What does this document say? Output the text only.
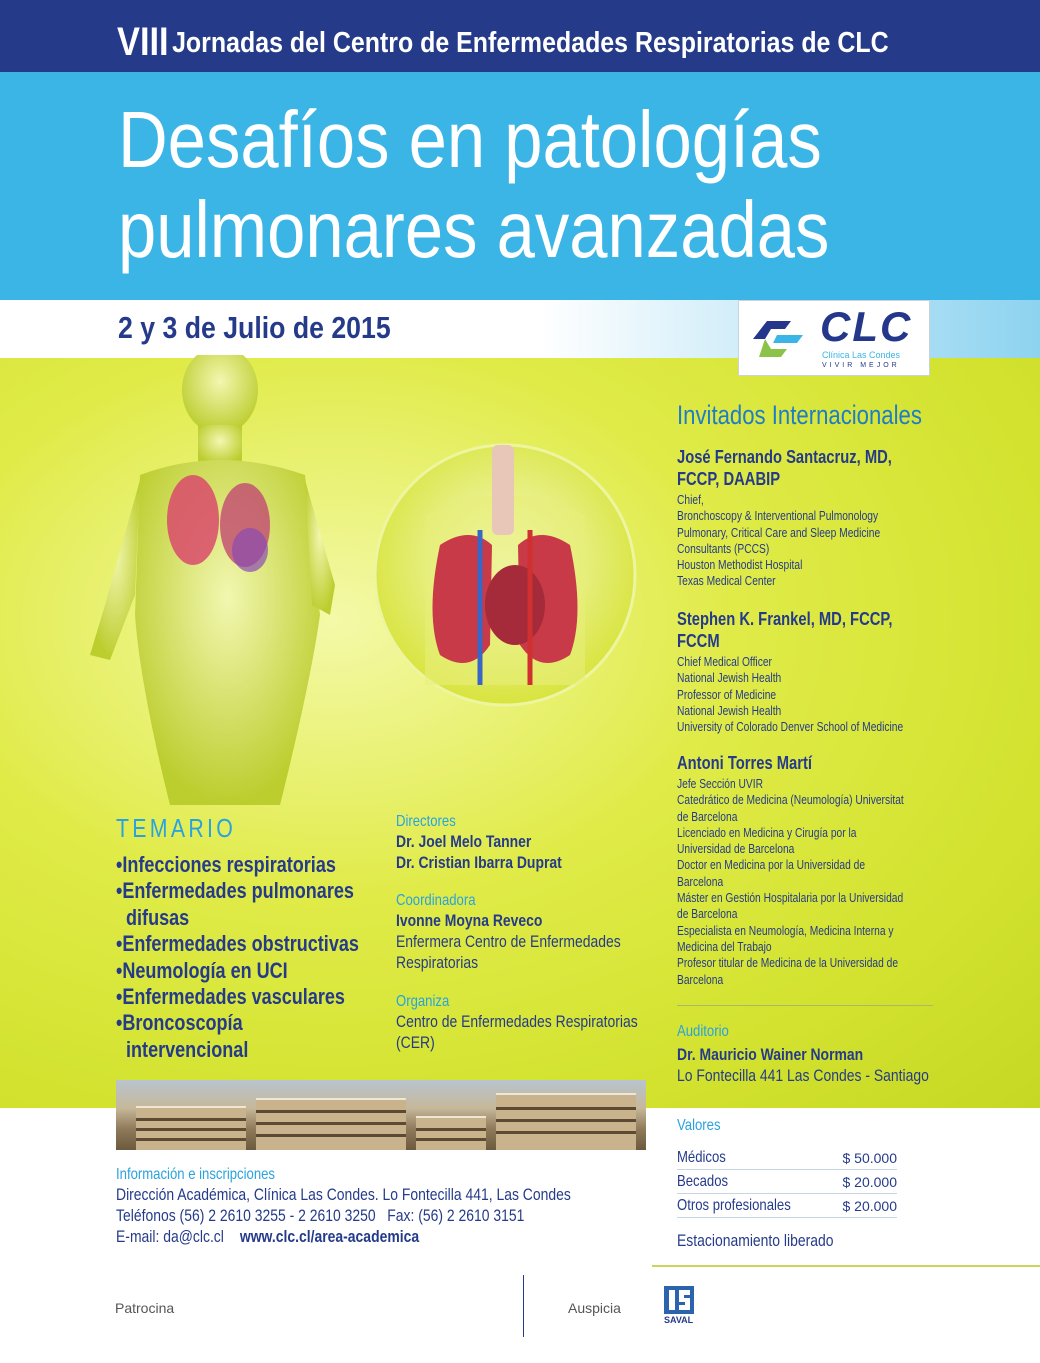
VIII Jornadas del Centro de Enfermedades Respiratorias de CLC
Desafíos en patologías
pulmonares avanzadas
2 y 3 de Julio de 2015	CLC
Clínica Las Condes
VIVIR MEJOR
Invitados Internacionales
José Fernando Santacruz, MD,
FCCP, DAABIP
Chief,
Bronchoscopy & Interventional Pulmonology
Pulmonary, Critical Care and Sleep Medicine
Consultants (PCCS)
Houston Methodist Hospital
Texas Medical Center
Stephen K. Frankel, MD, FCCP,
FCCM
Chief Medical Officer
National Jewish Health
Professor of Medicine
National Jewish Health
University of Colorado Denver School of Medicine
Antoni Torres Martí
Jefe Sección UVIR
Catedrático de Medicina (Neumología) Universitat
de Barcelona
Licenciado en Medicina y Cirugía por la
Universidad de Barcelona
Doctor en Medicina por la Universidad de
Barcelona
Máster en Gestión Hospitalaria por la Universidad
de Barcelona
Especialista en Neumología, Medicina Interna y
Medicina del Trabajo
Profesor titular de Medicina de la Universidad de
Barcelona
TEMARIO
•Infecciones respiratorias
•Enfermedades pulmonares
difusas
•Enfermedades obstructivas
•Neumología en UCI
•Enfermedades vasculares
•Broncoscopía
intervencional
Directores
Dr. Joel Melo Tanner
Dr. Cristian Ibarra Duprat
Coordinadora
Ivonne Moyna Reveco
Enfermera Centro de Enfermedades
Respiratorias
Organiza
Centro de Enfermedades Respiratorias
(CER)
Auditorio
Dr. Mauricio Wainer Norman
Lo Fontecilla 441 Las Condes - Santiago
Valores
Médicos	$ 50.000
Becados	$ 20.000
Otros profesionales	$ 20.000
Estacionamiento liberado
Información e inscripciones
Dirección Académica, Clínica Las Condes. Lo Fontecilla 441, Las Condes
Teléfonos (56) 2 2610 3255 - 2 2610 3250   Fax: (56) 2 2610 3151
E-mail: da@clc.cl www.clc.cl/area-academica
Patrocina	Auspicia
SAVAL
